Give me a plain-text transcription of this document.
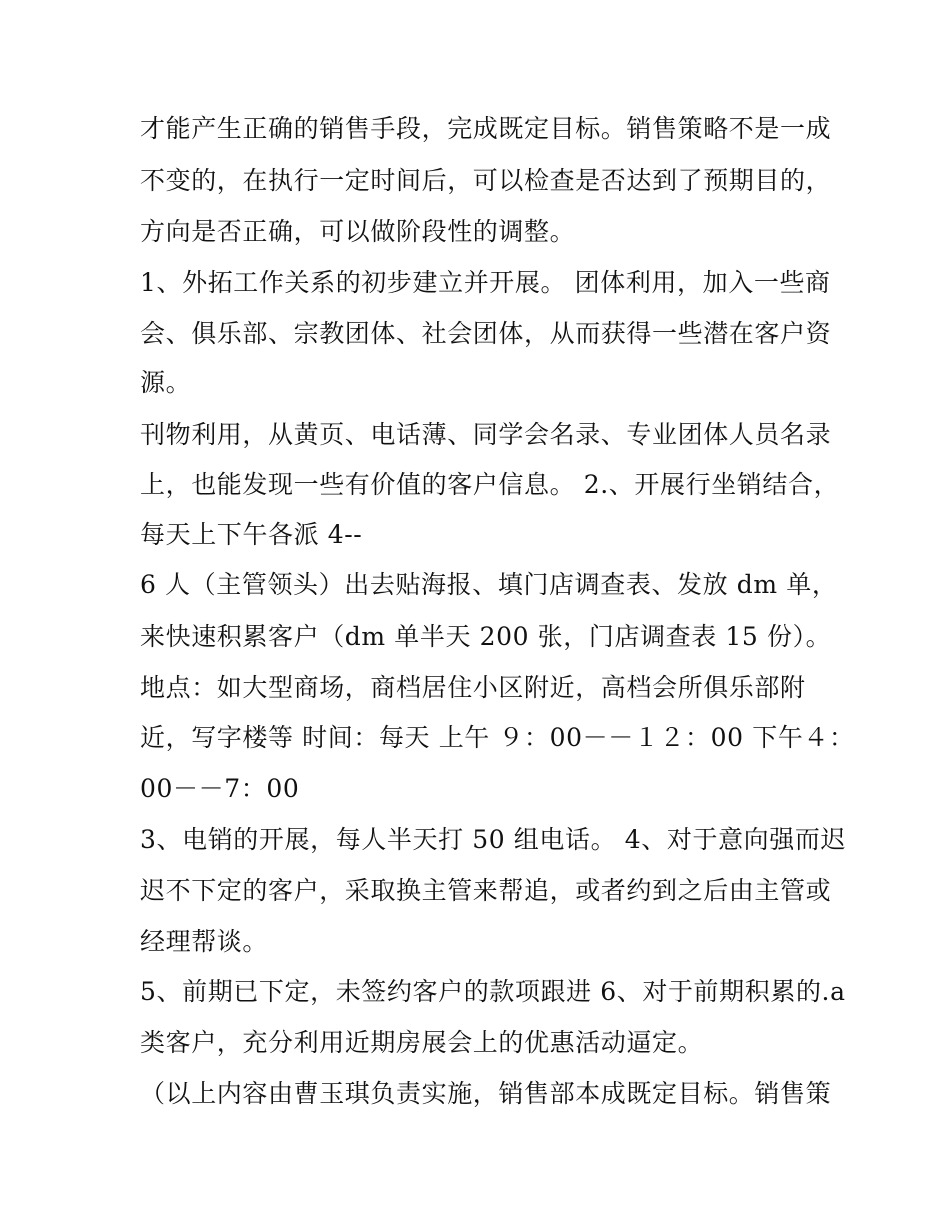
才能产生正确的销售手段，完成既定目标。销售策略不是一成
不变的，在执行一定时间后，可以检查是否达到了预期目的，
方向是否正确，可以做阶段性的调整。
1、外拓工作关系的初步建立并开展。 团体利用，加入一些商
会、俱乐部、宗教团体、社会团体，从而获得一些潜在客户资
源。
刊物利用，从黄页、电话薄、同学会名录、专业团体人员名录
上，也能发现一些有价值的客户信息。 2.、开展行坐销结合，
每天上下午各派 4--
6 人（主管领头）出去贴海报、填门店调查表、发放 dm 单，
来快速积累客户（dm 单半天 200 张，门店调查表 15 份）。
地点：如大型商场，商档居住小区附近，高档会所俱乐部附
近，写字楼等 时间：每天 上午 ９：00－－１２：00 下午４：
00－－7：00
3、电销的开展，每人半天打 50 组电话。 4、对于意向强而迟
迟不下定的客户，采取换主管来帮追，或者约到之后由主管或
经理帮谈。
5、前期已下定，未签约客户的款项跟进 6、对于前期积累的.a
类客户，充分利用近期房展会上的优惠活动逼定。
（以上内容由曹玉琪负责实施，销售部本成既定目标。销售策
